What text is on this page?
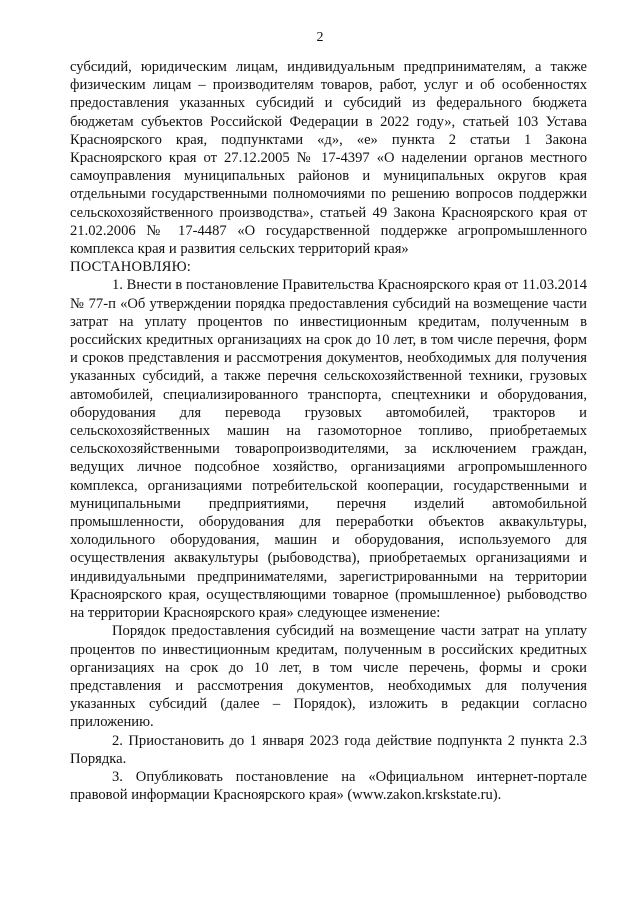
2

субсидий, юридическим лицам, индивидуальным предпринимателям, а также физическим лицам – производителям товаров, работ, услуг и об особенностях предоставления указанных субсидий и субсидий из федерального бюджета бюджетам субъектов Российской Федерации в 2022 году», статьей 103 Устава Красноярского края, подпунктами «д», «е» пункта 2 статьи 1 Закона Красноярского края от 27.12.2005 № 17-4397 «О наделении органов местного самоуправления муниципальных районов и муниципальных округов края отдельными государственными полномочиями по решению вопросов поддержки сельскохозяйственного производства», статьей 49 Закона Красноярского края от 21.02.2006 № 17-4487 «О государственной поддержке агропромышленного комплекса края и развития сельских территорий края»

ПОСТАНОВЛЯЮ:

1. Внести в постановление Правительства Красноярского края от 11.03.2014 № 77-п «Об утверждении порядка предоставления субсидий на возмещение части затрат на уплату процентов по инвестиционным кредитам, полученным в российских кредитных организациях на срок до 10 лет, в том числе перечня, форм и сроков представления и рассмотрения документов, необходимых для получения указанных субсидий, а также перечня сельскохозяйственной техники, грузовых автомобилей, специализированного транспорта, спецтехники и оборудования, оборудования для перевода грузовых автомобилей, тракторов и сельскохозяйственных машин на газомоторное топливо, приобретаемых сельскохозяйственными товаропроизводителями, за исключением граждан, ведущих личное подсобное хозяйство, организациями агропромышленного комплекса, организациями потребительской кооперации, государственными и муниципальными предприятиями, перечня изделий автомобильной промышленности, оборудования для переработки объектов аквакультуры, холодильного оборудования, машин и оборудования, используемого для осуществления аквакультуры (рыбоводства), приобретаемых организациями и индивидуальными предпринимателями, зарегистрированными на территории Красноярского края, осуществляющими товарное (промышленное) рыбоводство на территории Красноярского края» следующее изменение:

Порядок предоставления субсидий на возмещение части затрат на уплату процентов по инвестиционным кредитам, полученным в российских кредитных организациях на срок до 10 лет, в том числе перечень, формы и сроки представления и рассмотрения документов, необходимых для получения указанных субсидий (далее – Порядок), изложить в редакции согласно приложению.

2. Приостановить до 1 января 2023 года действие подпункта 2 пункта 2.3 Порядка.

3. Опубликовать постановление на «Официальном интернет-портале правовой информации Красноярского края» (www.zakon.krskstate.ru).
